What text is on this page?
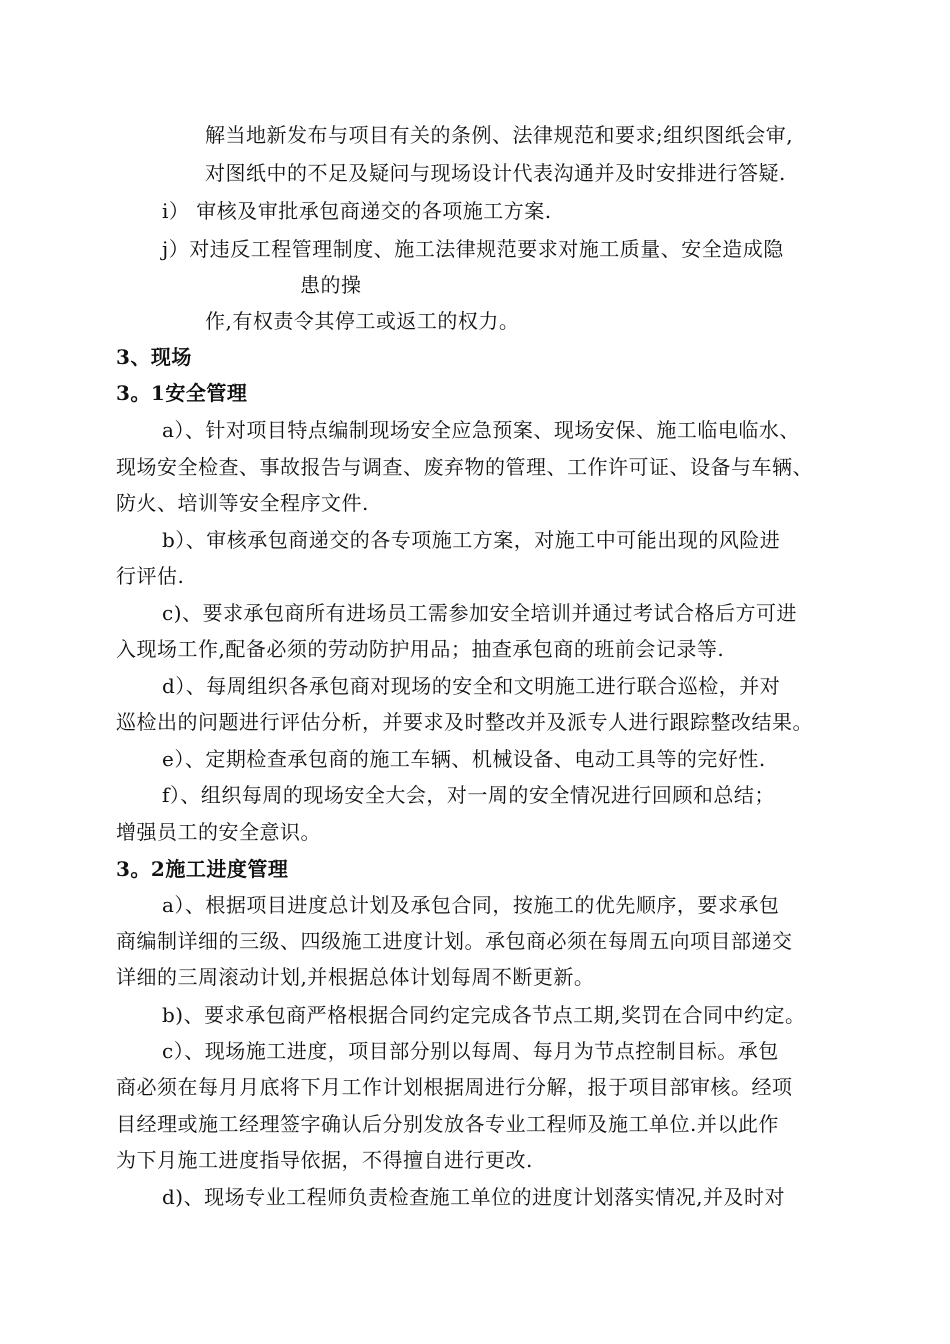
解当地新发布与项目有关的条例、法律规范和要求;组织图纸会审,
对图纸中的不足及疑问与现场设计代表沟通并及时安排进行答疑.
i） 审核及审批承包商递交的各项施工方案.
j）对违反工程管理制度、施工法律规范要求对施工质量、安全造成隐
患的操
作,有权责令其停工或返工的权力。
3、现场
3。1安全管理
a）、针对项目特点编制现场安全应急预案、现场安保、施工临电临水、
现场安全检查、事故报告与调查、废弃物的管理、工作许可证、设备与车辆、
防火、培训等安全程序文件.
b）、审核承包商递交的各专项施工方案，对施工中可能出现的风险进
行评估.
c)、要求承包商所有进场员工需参加安全培训并通过考试合格后方可进
入现场工作,配备必须的劳动防护用品；抽查承包商的班前会记录等.
d）、每周组织各承包商对现场的安全和文明施工进行联合巡检，并对
巡检出的问题进行评估分析，并要求及时整改并及派专人进行跟踪整改结果。
e）、定期检查承包商的施工车辆、机械设备、电动工具等的完好性.
f）、组织每周的现场安全大会，对一周的安全情况进行回顾和总结；
增强员工的安全意识。
3。2施工进度管理
a）、根据项目进度总计划及承包合同，按施工的优先顺序，要求承包
商编制详细的三级、四级施工进度计划。承包商必须在每周五向项目部递交
详细的三周滚动计划,并根据总体计划每周不断更新。
b)、要求承包商严格根据合同约定完成各节点工期,奖罚在合同中约定。
c）、现场施工进度，项目部分别以每周、每月为节点控制目标。承包
商必须在每月月底将下月工作计划根据周进行分解，报于项目部审核。经项
目经理或施工经理签字确认后分别发放各专业工程师及施工单位.并以此作
为下月施工进度指导依据，不得擅自进行更改.
d)、现场专业工程师负责检查施工单位的进度计划落实情况,并及时对
